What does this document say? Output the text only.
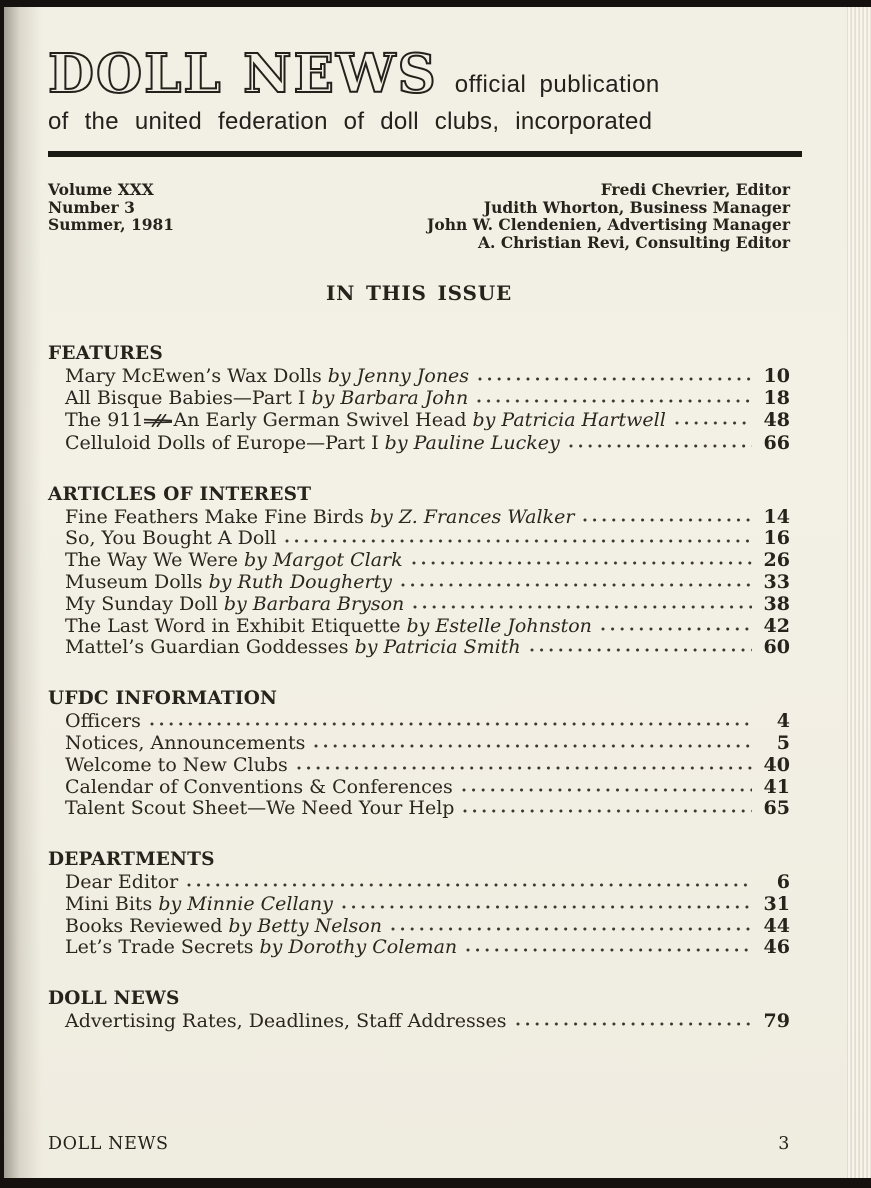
DOLL NEWS official publication
of the united federation of doll clubs, incorporated
Volume XXX
Number 3
Summer, 1981
Fredi Chevrier, Editor
Judith Whorton, Business Manager
John W. Clendenien, Advertising Manager
A. Christian Revi, Consulting Editor
IN THIS ISSUE
FEATURES
Mary McEwen’s Wax Dolls by Jenny Jones	10
All Bisque Babies—Part I by Barbara John	18
The 911 An Early German Swivel Head by Patricia Hartwell	48
Celluloid Dolls of Europe—Part I by Pauline Luckey	66
ARTICLES OF INTEREST
Fine Feathers Make Fine Birds by Z. Frances Walker	14
So, You Bought A Doll	16
The Way We Were by Margot Clark	26
Museum Dolls by Ruth Dougherty	33
My Sunday Doll by Barbara Bryson	38
The Last Word in Exhibit Etiquette by Estelle Johnston	42
Mattel’s Guardian Goddesses by Patricia Smith	60
UFDC INFORMATION
Officers	4
Notices, Announcements	5
Welcome to New Clubs	40
Calendar of Conventions & Conferences	41
Talent Scout Sheet—We Need Your Help	65
DEPARTMENTS
Dear Editor	6
Mini Bits by Minnie Cellany	31
Books Reviewed by Betty Nelson	44
Let’s Trade Secrets by Dorothy Coleman	46
DOLL NEWS
Advertising Rates, Deadlines, Staff Addresses	79
DOLL NEWS	3
